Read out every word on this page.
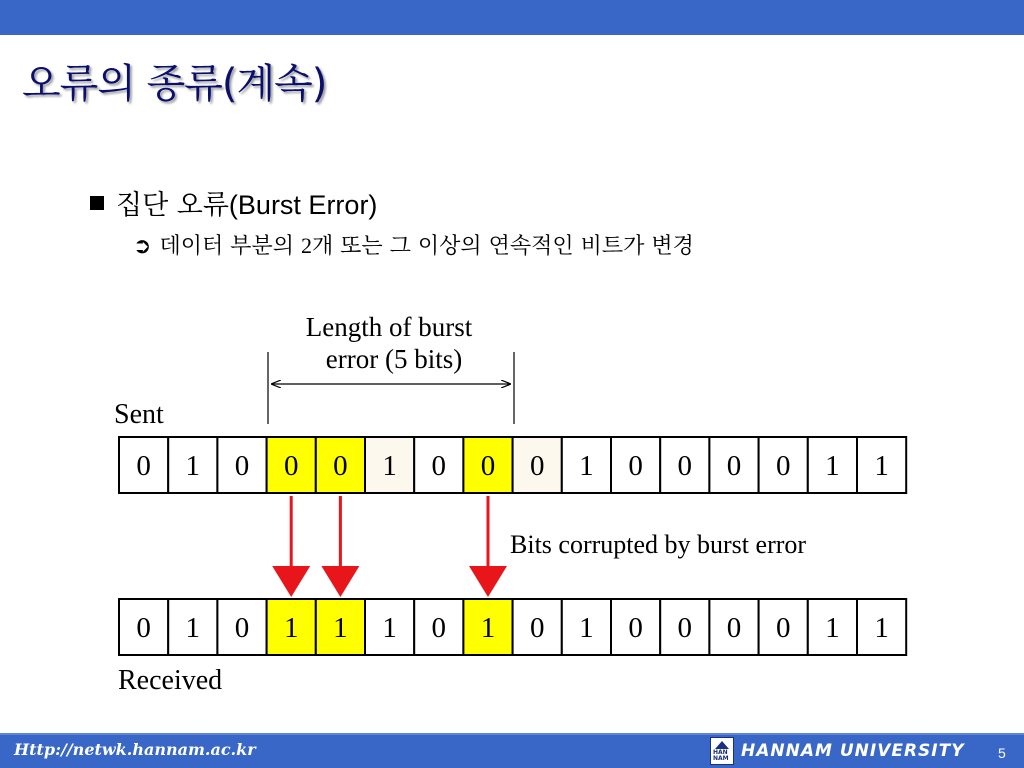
오류의 종류(계속)
집단 오류(Burst Error)
➲ 데이터 부분의 2개 또는 그 이상의 연속적인 비트가 변경
Length of burst
error (5 bits)
Sent
0 1 0 0 0 1 0 0 0 1 0 0 0 0 1 1
Bits corrupted by burst error
0 1 0 1 1 1 0 1 0 1 0 0 0 0 1 1
Received
Http://netwk.hannam.ac.kr	HAN
NAM HANNAM UNIVERSITY 5
